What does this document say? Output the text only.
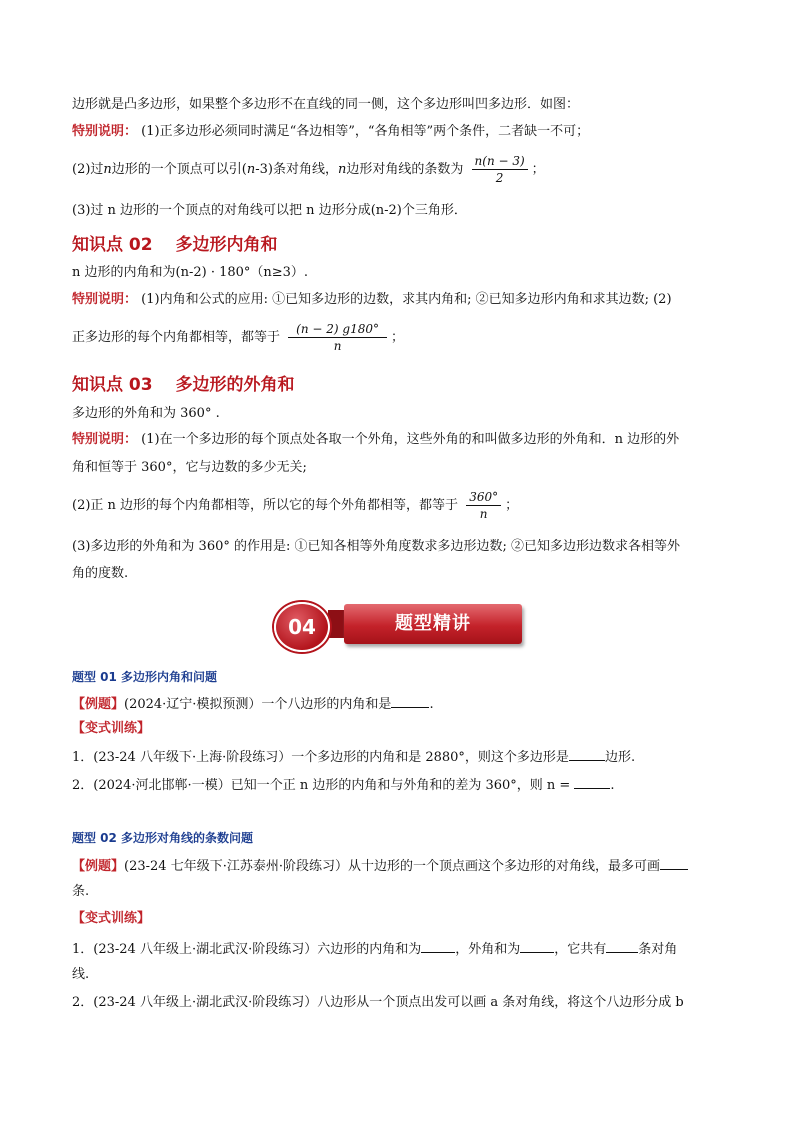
边形就是凸多边形，如果整个多边形不在直线的同一侧，这个多边形叫凹多边形．如图：
特别说明： (1)正多边形必须同时满足“各边相等”，“各角相等”两个条件，二者缺一不可；
(2)过n边形的一个顶点可以引(n-3)条对角线，n边形对角线的条数为 $\frac{n(n - 3)}{2}$ ；
(3)过 n 边形的一个顶点的对角线可以把 n 边形分成(n-2)个三角形．
知识点 02　 多边形内角和
n 边形的内角和为(n-2) · 180°（n≥3）.
特别说明： (1)内角和公式的应用: ①已知多边形的边数，求其内角和; ②已知多边形内角和求其边数; (2)
正多边形的每个内角都相等，都等于 $\frac{(n - 2) g180^\circ}{n}$ ；
知识点 03　 多边形的外角和
多边形的外角和为 360° .
特别说明： (1)在一个多边形的每个顶点处各取一个外角，这些外角的和叫做多边形的外角和．n 边形的外
角和恒等于 360°，它与边数的多少无关;
(2)正 n 边形的每个内角都相等，所以它的每个外角都相等，都等于 $\frac{360^\circ}{n}$ ；
(3)多边形的外角和为 360° 的作用是: ①已知各相等外角度数求多边形边数; ②已知多边形边数求各相等外
角的度数.
题型精讲
04
题型 01 多边形内角和问题
【例题】(2024·辽宁·模拟预测）一个八边形的内角和是	.
【变式训练】
1．(23-24 八年级下·上海·阶段练习）一个多边形的内角和是 2880°，则这个多边形是	边形.
2．(2024·河北邯郸·一模）已知一个正 n 边形的内角和与外角和的差为 360°，则 n =	.
题型 02 多边形对角线的条数问题
【例题】(23-24 七年级下·江苏泰州·阶段练习）从十边形的一个顶点画这个多边形的对角线，最多可画
条.
【变式训练】
1．(23-24 八年级上·湖北武汉·阶段练习）六边形的内角和为	，外角和为	，它共有 条对角
线.
2．(23-24 八年级上·湖北武汉·阶段练习）八边形从一个顶点出发可以画 a 条对角线，将这个八边形分成 b
